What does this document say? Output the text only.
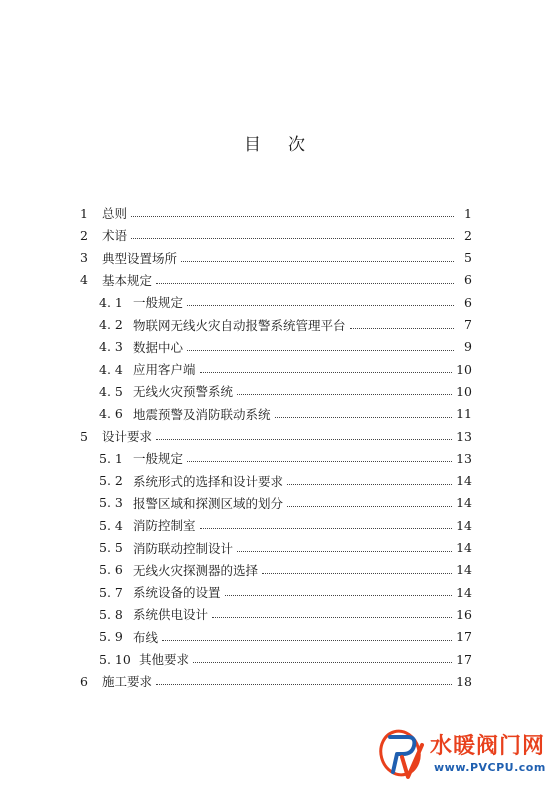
目 次
1	总则	1
2	术语	2
3	典型设置场所	5
4	基本规定	6
4. 1 一般规定	6
4. 2 物联网无线火灾自动报警系统管理平台	7
4. 3 数据中心	9
4. 4 应用客户端	10
4. 5 无线火灾预警系统	10
4. 6 地震预警及消防联动系统	11
5	设计要求	13
5. 1 一般规定	13
5. 2 系统形式的选择和设计要求	14
5. 3 报警区域和探测区域的划分	14
5. 4 消防控制室	14
5. 5 消防联动控制设计	14
5. 6 无线火灾探测器的选择	14
5. 7 系统设备的设置	14
5. 8 系统供电设计	16
5. 9 布线	17
5. 10 其他要求	17
6	施工要求	18
水暖阀门网
www.PVCPU.com
